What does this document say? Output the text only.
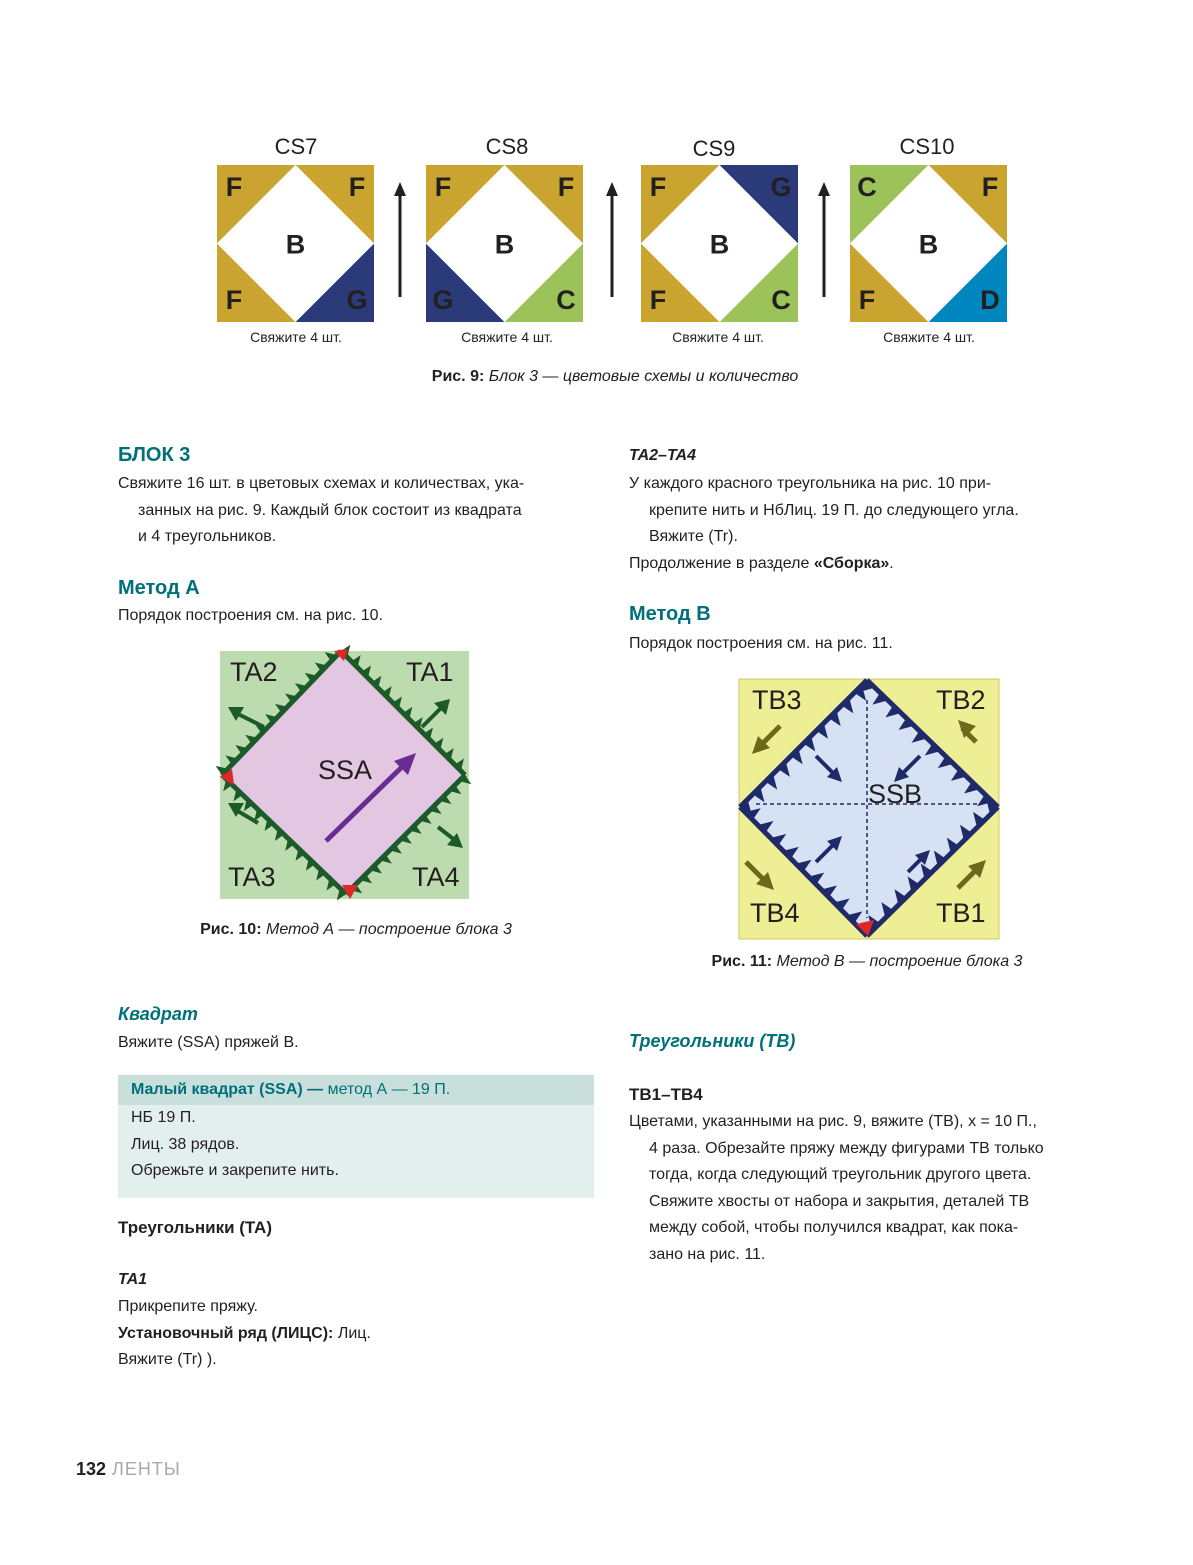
CS7	CS8	CS9	CS10
F	F
F	G
B
F	F
G	C
B
F	G
F	C
B
C	F
F	D
B
Свяжите 4 шт.	Свяжите 4 шт.	Свяжите 4 шт.	Свяжите 4 шт.
Рис. 9: Блок 3 — цветовые схемы и количество
БЛОК 3
Свяжите 16 шт. в цветовых схемах и количествах, ука-
занных на рис. 9. Каждый блок состоит из квадрата
и 4 треугольников.
Метод А
Порядок построения см. на рис. 10.
TA2	TA1
SSA
TA3	TA4
Рис. 10: Метод А — построение блока 3
Квадрат
Вяжите (SSA) пряжей B.
Малый квадрат (SSA) — метод А — 19 П.
НБ 19 П.
Лиц. 38 рядов.
Обрежьте и закрепите нить.
Треугольники (TA)
TA1
Прикрепите пряжу.
Установочный ряд (ЛИЦС): Лиц.
Вяжите (Tr) ).
TA2–TA4
У каждого красного треугольника на рис. 10 при-
крепите нить и НбЛиц. 19 П. до следующего угла.
Вяжите (Tr).
Продолжение в разделе «Сборка».
Метод В
Порядок построения см. на рис. 11.
TB3	TB2
SSB
TB4	TB1
Рис. 11: Метод В — построение блока 3
Треугольники (TB)
TB1–TB4
Цветами, указанными на рис. 9, вяжите (TB), x = 10 П.,
4 раза. Обрезайте пряжу между фигурами TB только
тогда, когда следующий треугольник другого цвета.
Свяжите хвосты от набора и закрытия, деталей TB
между собой, чтобы получился квадрат, как пока-
зано на рис. 11.
132 ЛЕНТЫ
